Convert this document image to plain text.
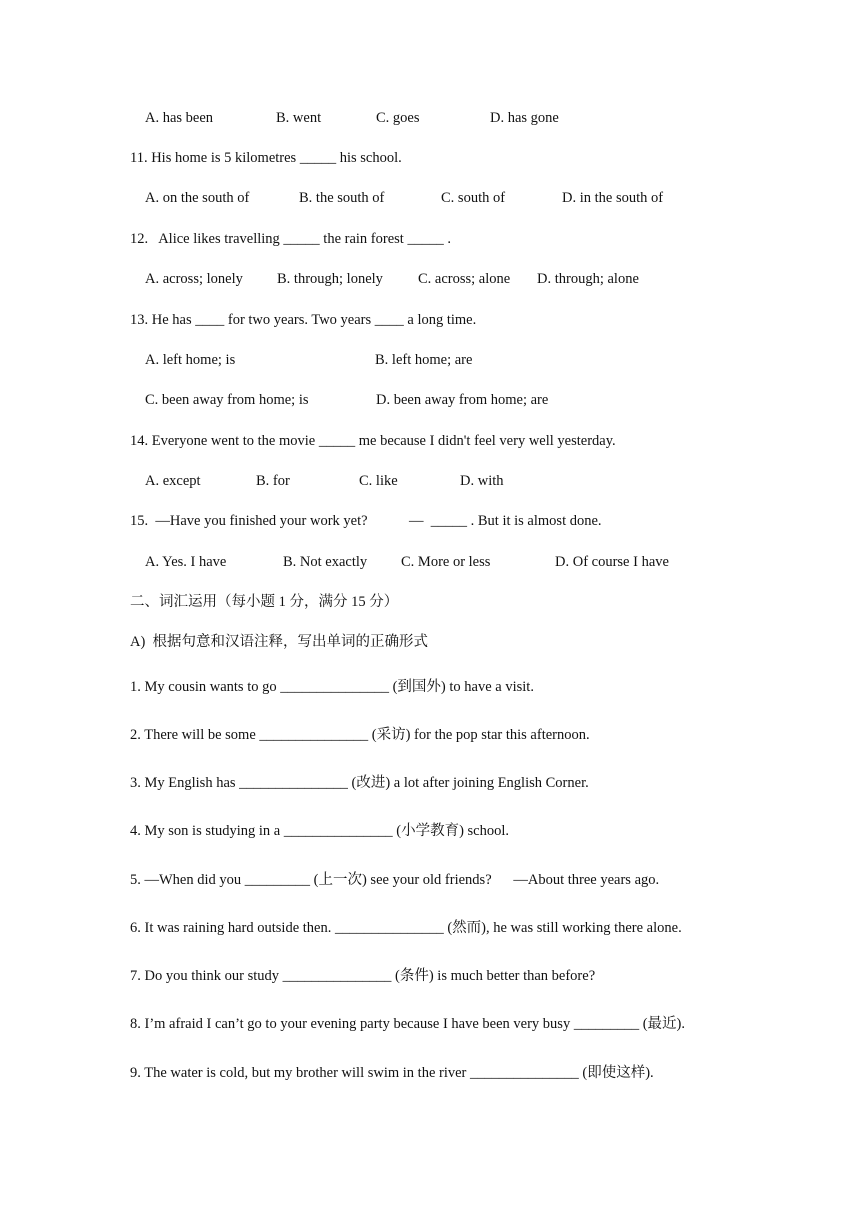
A. has been	B. went	C. goes	D. has gone
11. His home is 5 kilometres _____ his school.
A. on the south of	B. the south of	C. south of	D. in the south of
12.   Alice likes travelling _____ the rain forest _____ .
A. across; lonely B. through; lonely C. across; alone D. through; alone
13. He has ____ for two years. Two years ____ a long time.
A. left home; is	B. left home; are
C. been away from home; is	D. been away from home; are
14. Everyone went to the movie _____ me because I didn't feel very well yesterday.
A. except	B. for	C. like	D. with
15.  —Have you finished your work yet?	—  _____ . But it is almost done.
A. Yes. I have	B. Not exactly C. More or less	D. Of course I have
二、词汇运用（每小题 1 分，满分 15 分）
A)  根据句意和汉语注释，写出单词的正确形式
1. My cousin wants to go _______________ (到国外) to have a visit.
2. There will be some _______________ (采访) for the pop star this afternoon.
3. My English has _______________ (改进) a lot after joining English Corner.
4. My son is studying in a _______________ (小学教育) school.
5. —When did you _________ (上一次) see your old friends?      —About three years ago.
6. It was raining hard outside then. _______________ (然而), he was still working there alone.
7. Do you think our study _______________ (条件) is much better than before?
8. I’m afraid I can’t go to your evening party because I have been very busy _________ (最近).
9. The water is cold, but my brother will swim in the river _______________ (即使这样).
